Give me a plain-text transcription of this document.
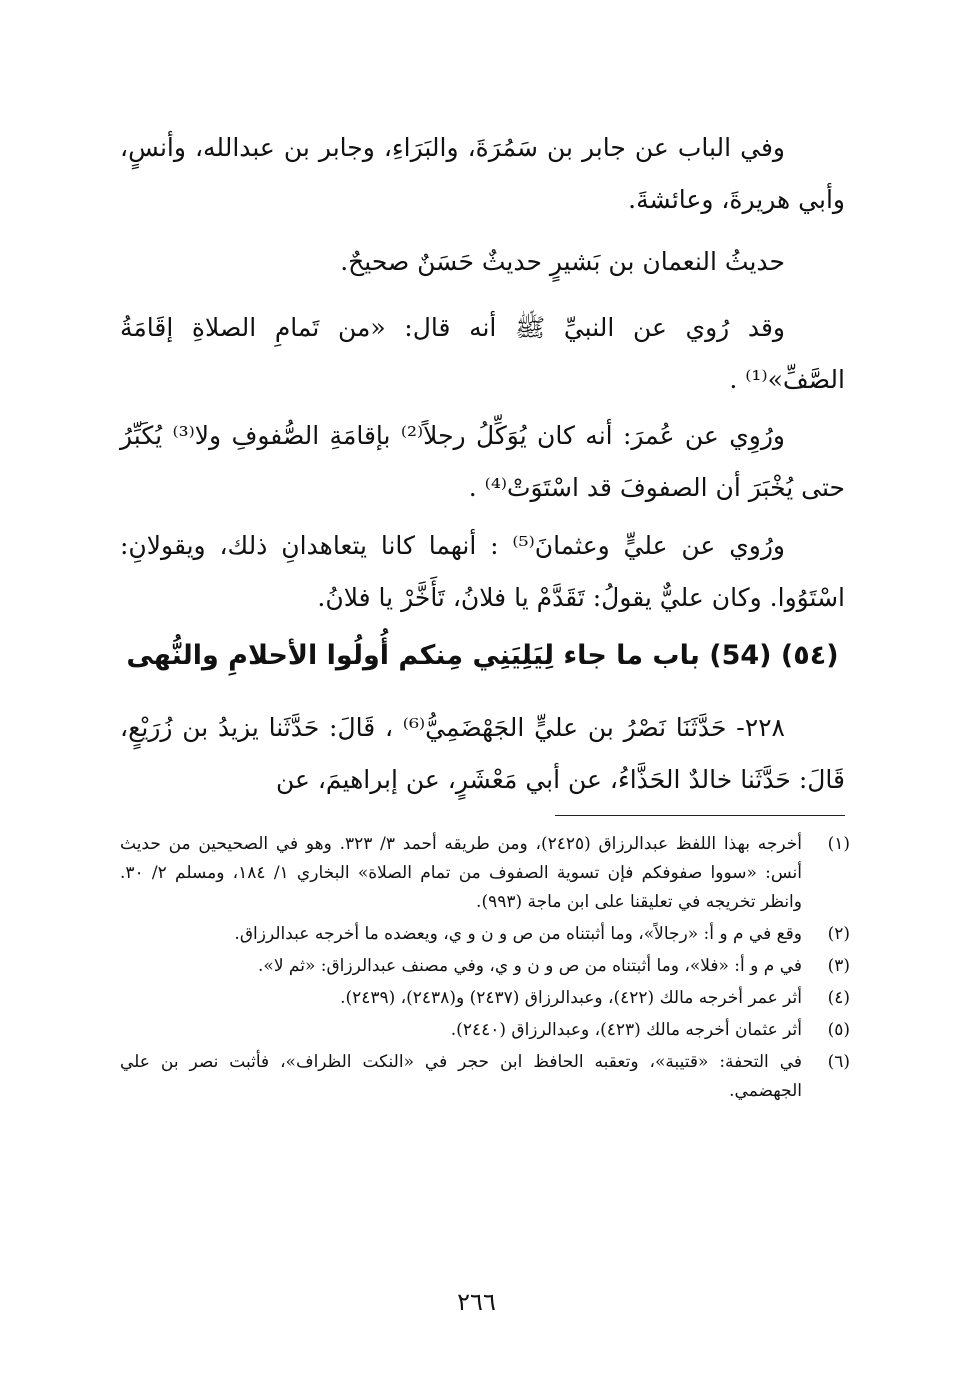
وفي الباب عن جابر بن سَمُرَةَ، والبَرَاءِ، وجابر بن عبدالله، وأنسٍ، وأبي هريرةَ، وعائشةَ.

حديثُ النعمان بن بَشيرٍ حديثٌ حَسَنٌ صحيحٌ.

وقد رُوي عن النبيِّ ﷺ أنه قال: «من تَمامِ الصلاةِ إقَامَةُ الصَّفِّ»⁽¹⁾ .

ورُوِي عن عُمرَ: أنه كان يُوَكِّلُ رجلاً⁽²⁾ بإقامَةِ الصُّفوفِ ولا⁽³⁾ يُكَبِّرُ حتى يُخْبَرَ أن الصفوفَ قد اسْتَوَتْ⁽⁴⁾ .

ورُوي عن عليٍّ وعثمانَ⁽⁵⁾ : أنهما كانا يتعاهدانِ ذلك، ويقولانِ: اسْتَوُوا. وكان عليٌّ يقولُ: تَقَدَّمْ يا فلانُ، تَأَخَّرْ يا فلانُ.

(٥٤) (54) باب ما جاء لِيَلِيَنِي مِنكم أُولُوا الأحلامِ والنُّهى

٢٢٨- حَدَّثَنَا نَصْرُ بن عليٍّ الجَهْضَمِيُّ⁽⁶⁾ ، قَالَ: حَدَّثَنا يزيدُ بن زُرَيْعٍ، قَالَ: حَدَّثَنا خالدٌ الحَذَّاءُ، عن أبي مَعْشَرٍ، عن إبراهيمَ، عن

(١)
أخرجه بهذا اللفظ عبدالرزاق (٢٤٢٥)، ومن طريقه أحمد ٣/ ٣٢٣. وهو في الصحيحين من حديث أنس: «سووا صفوفكم فإن تسوية الصفوف من تمام الصلاة» البخاري ١/ ١٨٤، ومسلم ٢/ ٣٠. وانظر تخريجه في تعليقنا على ابن ماجة (٩٩٣).
(٢)
وقع في م و أ: «رجالاً»، وما أثبتناه من ص و ن و ي، ويعضده ما أخرجه عبدالرزاق.
(٣)
في م و أ: «فلا»، وما أثبتناه من ص و ن و ي، وفي مصنف عبدالرزاق: «ثم لا».
(٤)
أثر عمر أخرجه مالك (٤٢٢)، وعبدالرزاق (٢٤٣٧) و(٢٤٣٨)، (٢٤٣٩).
(٥)
أثر عثمان أخرجه مالك (٤٢٣)، وعبدالرزاق (٢٤٤٠).
(٦)
في التحفة: «قتيبة»، وتعقبه الحافظ ابن حجر في «النكت الظراف»، فأثبت نصر بن علي الجهضمي.
٢٦٦
